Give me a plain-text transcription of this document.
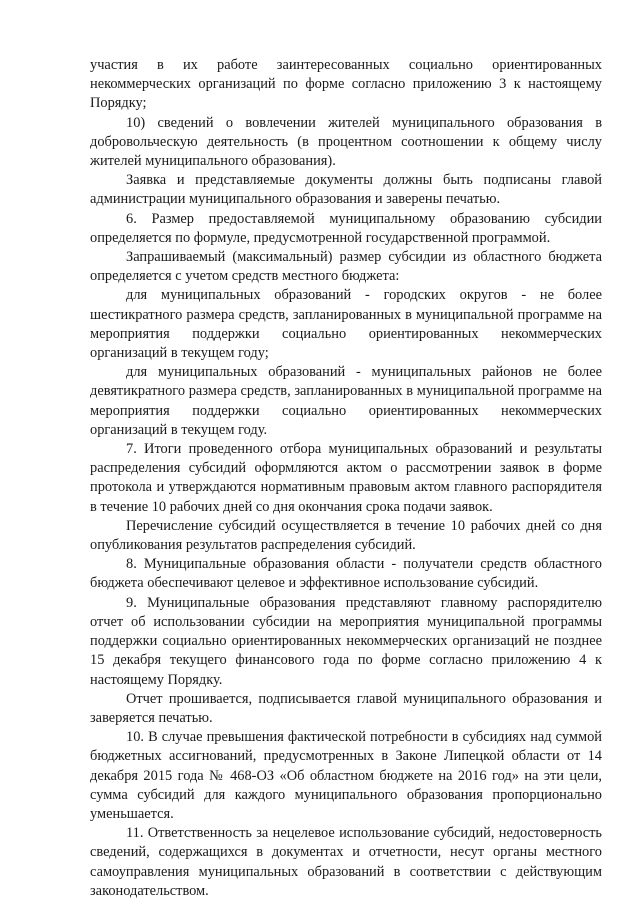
участия в их работе заинтересованных социально ориентированных некоммерческих организаций по форме согласно приложению 3 к настоящему Порядку;

10) сведений о вовлечении жителей муниципального образования в добровольческую деятельность (в процентном соотношении к общему числу жителей муниципального образования).

Заявка и представляемые документы должны быть подписаны главой администрации муниципального образования и заверены печатью.

6. Размер предоставляемой муниципальному образованию субсидии определяется по формуле, предусмотренной государственной программой.

Запрашиваемый (максимальный) размер субсидии из областного бюджета определяется с учетом средств местного бюджета:

для муниципальных образований - городских округов - не более шестикратного размера средств, запланированных в муниципальной программе на мероприятия поддержки социально ориентированных некоммерческих организаций в текущем году;

для муниципальных образований - муниципальных районов не более девятикратного размера средств, запланированных в муниципальной программе на мероприятия поддержки социально ориентированных некоммерческих организаций в текущем году.

7. Итоги проведенного отбора муниципальных образований и результаты распределения субсидий оформляются актом о рассмотрении заявок в форме протокола и утверждаются нормативным правовым актом главного распорядителя в течение 10 рабочих дней со дня окончания срока подачи заявок.

Перечисление субсидий осуществляется в течение 10 рабочих дней со дня опубликования результатов распределения субсидий.

8. Муниципальные образования области - получатели средств областного бюджета обеспечивают целевое и эффективное использование субсидий.

9. Муниципальные образования представляют главному распорядителю отчет об использовании субсидии на мероприятия муниципальной программы поддержки социально ориентированных некоммерческих организаций не позднее 15 декабря текущего финансового года по форме согласно приложению 4 к настоящему Порядку.

Отчет прошивается, подписывается главой муниципального образования и заверяется печатью.

10. В случае превышения фактической потребности в субсидиях над суммой бюджетных ассигнований, предусмотренных в Законе Липецкой области от 14 декабря 2015 года № 468-ОЗ «Об областном бюджете на 2016 год» на эти цели, сумма субсидий для каждого муниципального образования пропорционально уменьшается.

11. Ответственность за нецелевое использование субсидий, недостоверность сведений, содержащихся в документах и отчетности, несут органы местного самоуправления муниципальных образований в соответствии с действующим законодательством.
